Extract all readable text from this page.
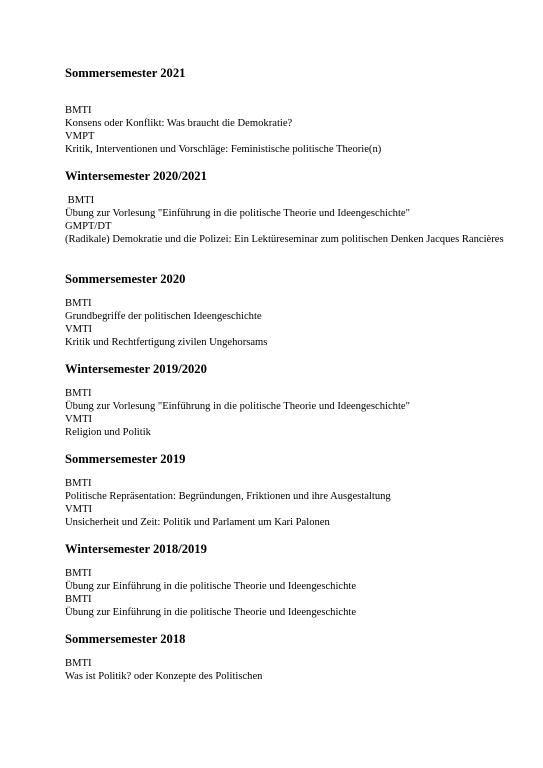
Sommersemester 2021
BMTI
Konsens oder Konflikt: Was braucht die Demokratie?
VMPT
Kritik, Interventionen und Vorschläge: Feministische politische Theorie(n)
Wintersemester 2020/2021
BMTI
Übung zur Vorlesung "Einführung in die politische Theorie und Ideengeschichte"
GMPT/DT
(Radikale) Demokratie und die Polizei: Ein Lektüreseminar zum politischen Denken Jacques Rancières
Sommersemester 2020
BMTI
Grundbegriffe der politischen Ideengeschichte
VMTI
Kritik und Rechtfertigung zivilen Ungehorsams
Wintersemester 2019/2020
BMTI
Übung zur Vorlesung "Einführung in die politische Theorie und Ideengeschichte"
VMTI
Religion und Politik
Sommersemester 2019
BMTI
Politische Repräsentation: Begründungen, Friktionen und ihre Ausgestaltung
VMTI
Unsicherheit und Zeit: Politik und Parlament um Kari Palonen
Wintersemester 2018/2019
BMTI
Übung zur Einführung in die politische Theorie und Ideengeschichte
BMTI
Übung zur Einführung in die politische Theorie und Ideengeschichte
Sommersemester 2018
BMTI
Was ist Politik? oder Konzepte des Politischen
